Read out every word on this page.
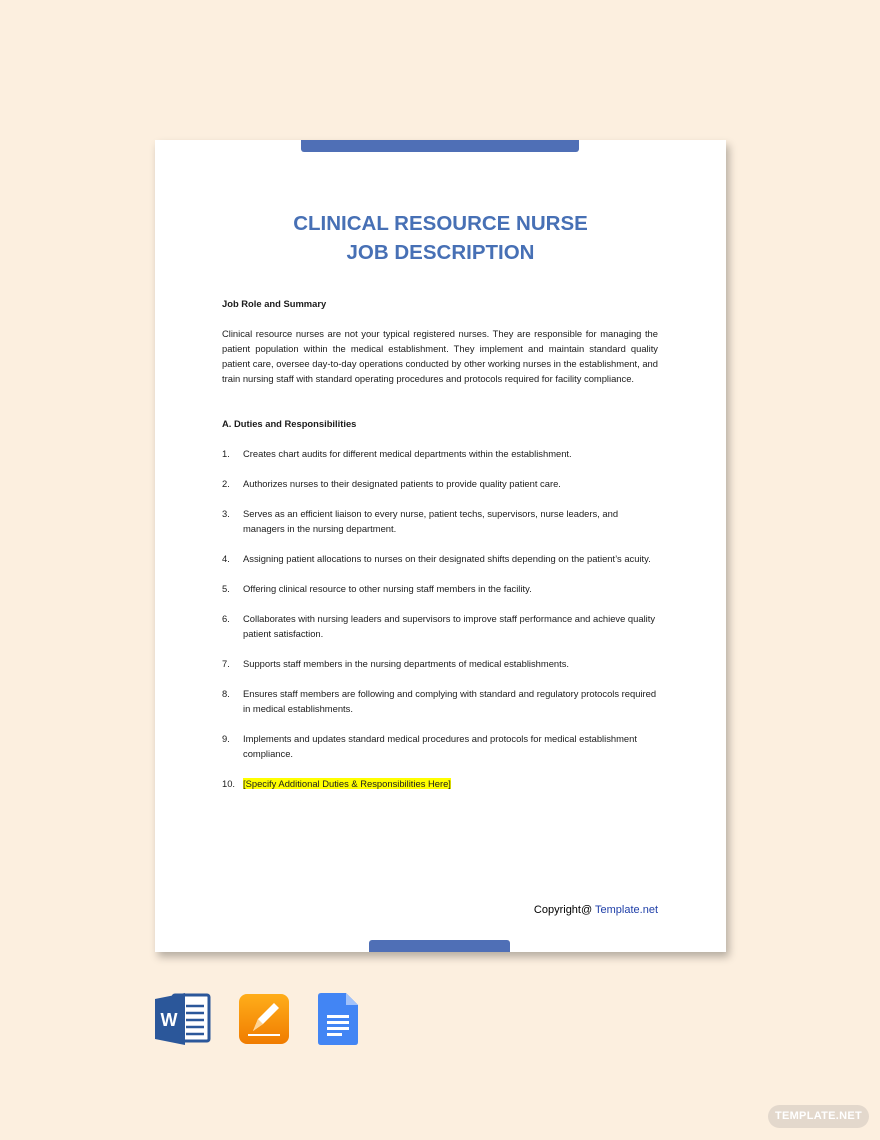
CLINICAL RESOURCE NURSE
JOB DESCRIPTION
Job Role and Summary
Clinical resource nurses are not your typical registered nurses. They are responsible for managing the patient population within the medical establishment. They implement and maintain standard quality patient care, oversee day-to-day operations conducted by other working nurses in the establishment, and train nursing staff with standard operating procedures and protocols required for facility compliance.
A. Duties and Responsibilities
1.	Creates chart audits for different medical departments within the establishment.
2.	Authorizes nurses to their designated patients to provide quality patient care.
3.	Serves as an efficient liaison to every nurse, patient techs, supervisors, nurse leaders, and managers in the nursing department.
4.	Assigning patient allocations to nurses on their designated shifts depending on the patient’s acuity.
5.	Offering clinical resource to other nursing staff members in the facility.
6.	Collaborates with nursing leaders and supervisors to improve staff performance and achieve quality patient satisfaction.
7.	Supports staff members in the nursing departments of medical establishments.
8.	Ensures staff members are following and complying with standard and regulatory protocols required in medical establishments.
9.	Implements and updates standard medical procedures and protocols for medical establishment compliance.
10. [Specify Additional Duties & Responsibilities Here]
Copyright@ Template.net
W
TEMPLATE.NET
